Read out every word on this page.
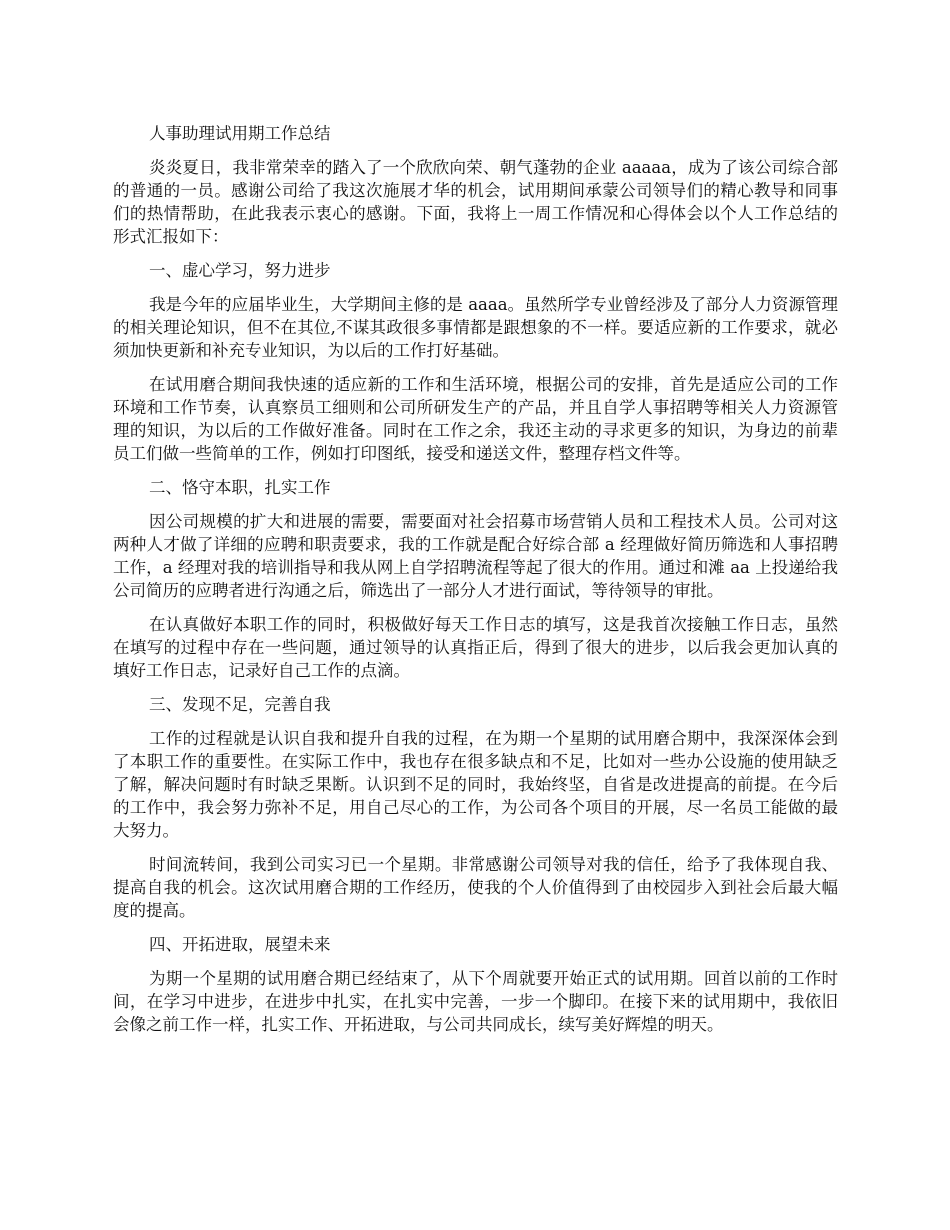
人事助理试用期工作总结

炎炎夏日，我非常荣幸的踏入了一个欣欣向荣、朝气蓬勃的企业 aaaaa，成为了该公司综合部的普通的一员。感谢公司给了我这次施展才华的机会，试用期间承蒙公司领导们的精心教导和同事们的热情帮助，在此我表示衷心的感谢。下面，我将上一周工作情况和心得体会以个人工作总结的形式汇报如下：

一、虚心学习，努力进步

我是今年的应届毕业生，大学期间主修的是 aaaa。虽然所学专业曾经涉及了部分人力资源管理的相关理论知识，但不在其位,不谋其政很多事情都是跟想象的不一样。要适应新的工作要求，就必须加快更新和补充专业知识，为以后的工作打好基础。

在试用磨合期间我快速的适应新的工作和生活环境，根据公司的安排，首先是适应公司的工作环境和工作节奏，认真察员工细则和公司所研发生产的产品，并且自学人事招聘等相关人力资源管理的知识，为以后的工作做好准备。同时在工作之余，我还主动的寻求更多的知识，为身边的前辈员工们做一些简单的工作，例如打印图纸，接受和递送文件，整理存档文件等。

二、恪守本职，扎实工作

因公司规模的扩大和进展的需要，需要面对社会招募市场营销人员和工程技术人员。公司对这两种人才做了详细的应聘和职责要求，我的工作就是配合好综合部 a 经理做好简历筛选和人事招聘工作，a 经理对我的培训指导和我从网上自学招聘流程等起了很大的作用。通过和滩 aa 上投递给我公司简历的应聘者进行沟通之后，筛选出了一部分人才进行面试，等待领导的审批。

在认真做好本职工作的同时，积极做好每天工作日志的填写，这是我首次接触工作日志，虽然在填写的过程中存在一些问题，通过领导的认真指正后，得到了很大的进步，以后我会更加认真的填好工作日志，记录好自己工作的点滴。

三、发现不足，完善自我

工作的过程就是认识自我和提升自我的过程，在为期一个星期的试用磨合期中，我深深体会到了本职工作的重要性。在实际工作中，我也存在很多缺点和不足，比如对一些办公设施的使用缺乏了解，解决问题时有时缺乏果断。认识到不足的同时，我始终坚，自省是改进提高的前提。在今后的工作中，我会努力弥补不足，用自己尽心的工作，为公司各个项目的开展，尽一名员工能做的最大努力。

时间流转间，我到公司实习已一个星期。非常感谢公司领导对我的信任，给予了我体现自我、提高自我的机会。这次试用磨合期的工作经历，使我的个人价值得到了由校园步入到社会后最大幅度的提高。

四、开拓进取，展望未来

为期一个星期的试用磨合期已经结束了，从下个周就要开始正式的试用期。回首以前的工作时间，在学习中进步，在进步中扎实，在扎实中完善，一步一个脚印。在接下来的试用期中，我依旧会像之前工作一样，扎实工作、开拓进取，与公司共同成长，续写美好辉煌的明天。
